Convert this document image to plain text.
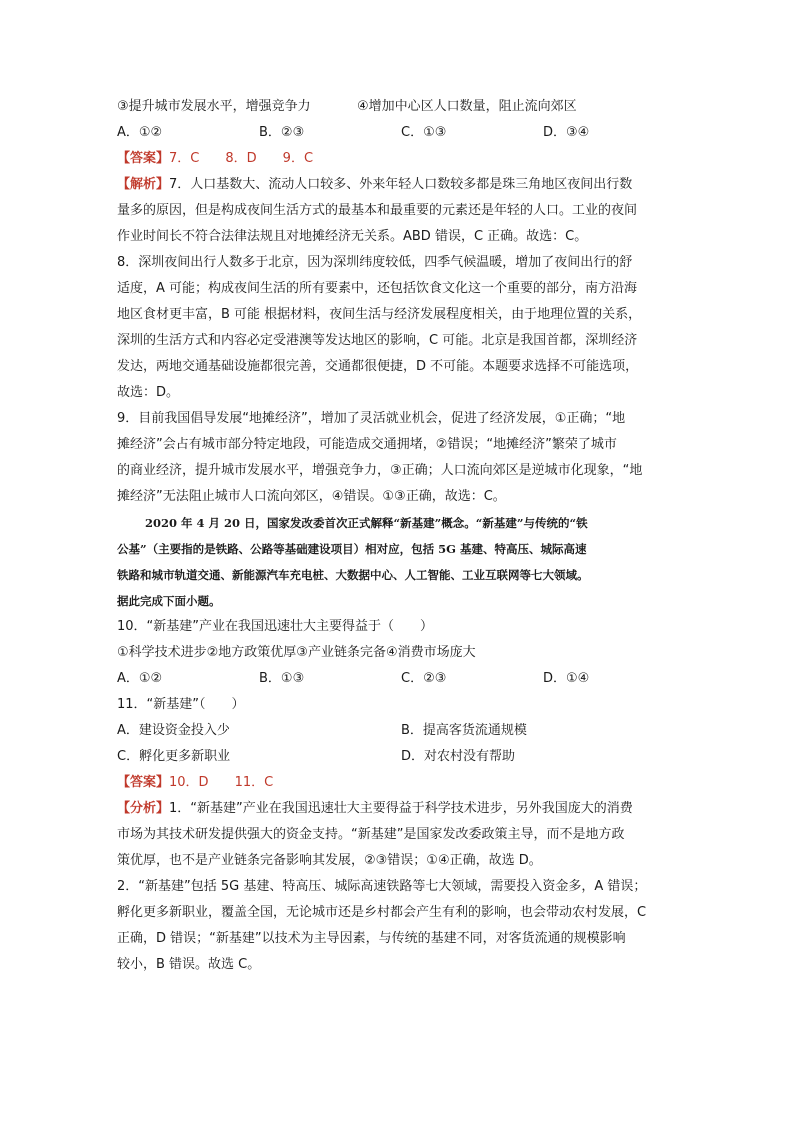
③提升城市发展水平，增强竞争力	④增加中心区人口数量，阻止流向郊区
A．①②	B．②③	C．①③	D．③④
【答案】7．C 8．D 9．C
【解析】7．人口基数大、流动人口较多、外来年轻人口数较多都是珠三角地区夜间出行数
量多的原因，但是构成夜间生活方式的最基本和最重要的元素还是年轻的人口。工业的夜间
作业时间长不符合法律法规且对地摊经济无关系。ABD 错误，C 正确。故选：C。
8．深圳夜间出行人数多于北京，因为深圳纬度较低，四季气候温暖，增加了夜间出行的舒
适度，A 可能；构成夜间生活的所有要素中，还包括饮食文化这一个重要的部分，南方沿海
地区食材更丰富，B 可能 根据材料，夜间生活与经济发展程度相关，由于地理位置的关系，
深圳的生活方式和内容必定受港澳等发达地区的影响，C 可能。北京是我国首都，深圳经济
发达，两地交通基础设施都很完善，交通都很便捷，D 不可能。本题要求选择不可能选项，
故选：D。
9．目前我国倡导发展“地摊经济”，增加了灵活就业机会，促进了经济发展，①正确；“地
摊经济”会占有城市部分特定地段，可能造成交通拥堵，②错误；“地摊经济”繁荣了城市
的商业经济，提升城市发展水平，增强竞争力，③正确；人口流向郊区是逆城市化现象，“地
摊经济”无法阻止城市人口流向郊区，④错误。①③正确，故选：C。
2020 年 4 月 20 日，国家发改委首次正式解释“新基建”概念。“新基建”与传统的“铁
公基”（主要指的是铁路、公路等基础建设项目）相对应，包括 5G 基建、特高压、城际高速
铁路和城市轨道交通、新能源汽车充电桩、大数据中心、人工智能、工业互联网等七大领域。
据此完成下面小题。
10．“新基建”产业在我国迅速壮大主要得益于（　　）
①科学技术进步②地方政策优厚③产业链条完备④消费市场庞大
A．①②	B．①③	C．②③	D．①④
11．“新基建”（　　）
A．建设资金投入少	B．提高客货流通规模
C．孵化更多新职业	D．对农村没有帮助
【答案】10．D 11．C
【分析】1．“新基建”产业在我国迅速壮大主要得益于科学技术进步，另外我国庞大的消费
市场为其技术研发提供强大的资金支持。“新基建”是国家发改委政策主导，而不是地方政
策优厚，也不是产业链条完备影响其发展，②③错误；①④正确，故选 D。
2．“新基建”包括 5G 基建、特高压、城际高速铁路等七大领域，需要投入资金多，A 错误；
孵化更多新职业，覆盖全国，无论城市还是乡村都会产生有利的影响，也会带动农村发展，C
正确，D 错误；“新基建”以技术为主导因素，与传统的基建不同，对客货流通的规模影响
较小，B 错误。故选 C。
